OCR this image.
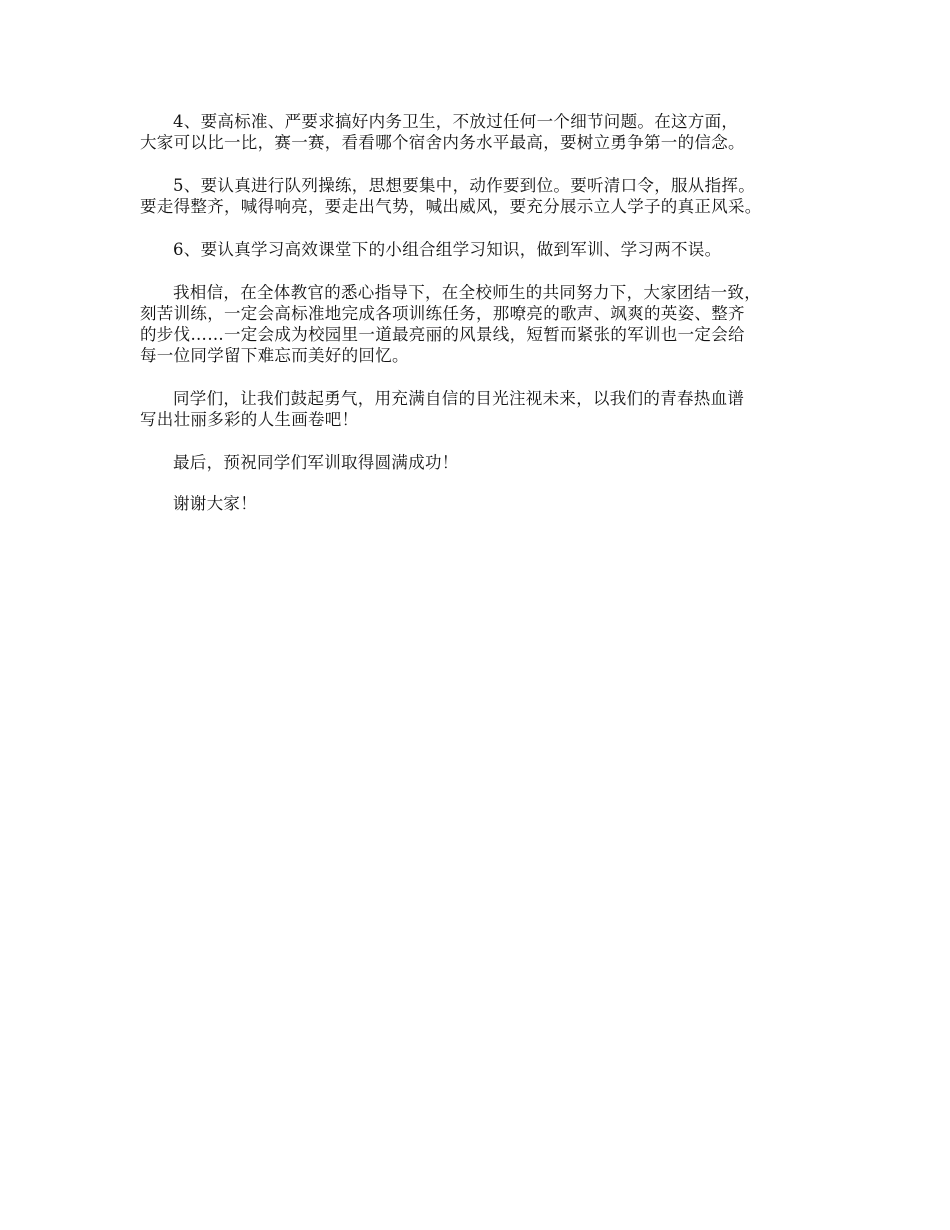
4、要高标准、严要求搞好内务卫生，不放过任何一个细节问题。在这方面，
大家可以比一比，赛一赛，看看哪个宿舍内务水平最高，要树立勇争第一的信念。

5、要认真进行队列操练，思想要集中，动作要到位。要听清口令，服从指挥。
要走得整齐，喊得响亮，要走出气势，喊出威风，要充分展示立人学子的真正风采。

6、要认真学习高效课堂下的小组合组学习知识，做到军训、学习两不误。

我相信，在全体教官的悉心指导下，在全校师生的共同努力下，大家团结一致，
刻苦训练，一定会高标准地完成各项训练任务，那嘹亮的歌声、飒爽的英姿、整齐
的步伐……一定会成为校园里一道最亮丽的风景线，短暂而紧张的军训也一定会给
每一位同学留下难忘而美好的回忆。

同学们，让我们鼓起勇气，用充满自信的目光注视未来，以我们的青春热血谱
写出壮丽多彩的人生画卷吧！

最后，预祝同学们军训取得圆满成功！

谢谢大家！
